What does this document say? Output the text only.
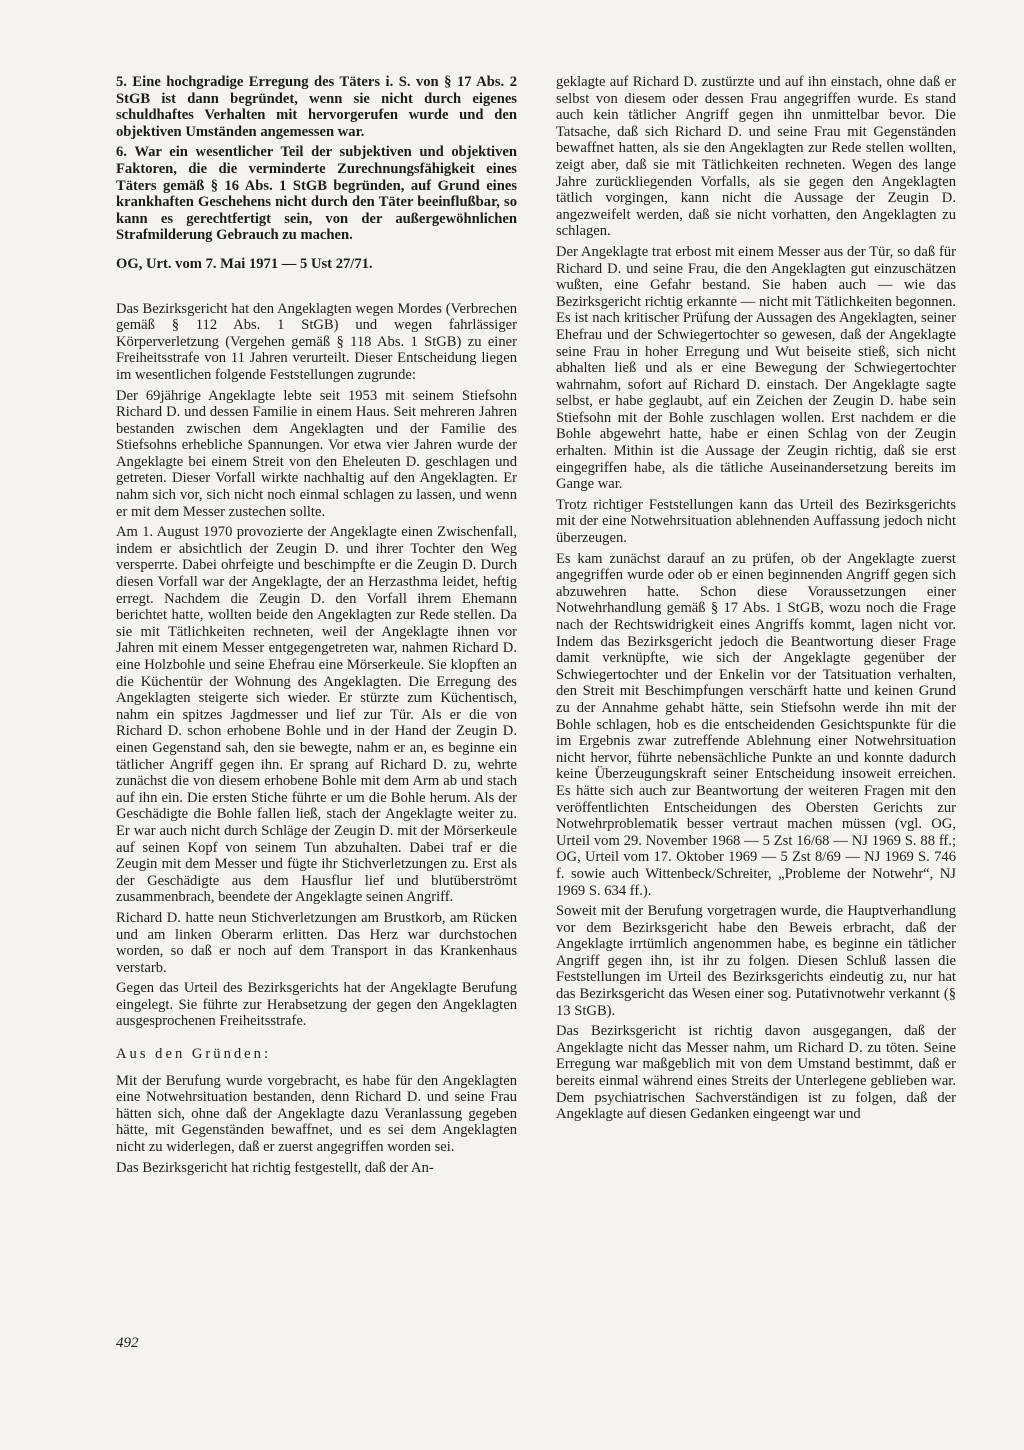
5. Eine hochgradige Erregung des Täters i. S. von § 17 Abs. 2 StGB ist dann begründet, wenn sie nicht durch eigenes schuldhaftes Verhalten mit hervorgerufen wurde und den objektiven Umständen angemessen war.

6. War ein wesentlicher Teil der subjektiven und objektiven Faktoren, die die verminderte Zurechnungsfähigkeit eines Täters gemäß § 16 Abs. 1 StGB begründen, auf Grund eines krankhaften Geschehens nicht durch den Täter beeinflußbar, so kann es gerechtfertigt sein, von der außergewöhnlichen Strafmilderung Gebrauch zu machen.

OG, Urt. vom 7. Mai 1971 — 5 Ust 27/71.

Das Bezirksgericht hat den Angeklagten wegen Mordes (Verbrechen gemäß § 112 Abs. 1 StGB) und wegen fahrlässiger Körperverletzung (Vergehen gemäß § 118 Abs. 1 StGB) zu einer Freiheitsstrafe von 11 Jahren verurteilt. Dieser Entscheidung liegen im wesentlichen folgende Feststellungen zugrunde:

Der 69jährige Angeklagte lebte seit 1953 mit seinem Stiefsohn Richard D. und dessen Familie in einem Haus. Seit mehreren Jahren bestanden zwischen dem Angeklagten und der Familie des Stiefsohns erhebliche Spannungen. Vor etwa vier Jahren wurde der Angeklagte bei einem Streit von den Eheleuten D. geschlagen und getreten. Dieser Vorfall wirkte nachhaltig auf den Angeklagten. Er nahm sich vor, sich nicht noch einmal schlagen zu lassen, und wenn er mit dem Messer zustechen sollte.

Am 1. August 1970 provozierte der Angeklagte einen Zwischenfall, indem er absichtlich der Zeugin D. und ihrer Tochter den Weg versperrte. Dabei ohrfeigte und beschimpfte er die Zeugin D. Durch diesen Vorfall war der Angeklagte, der an Herzasthma leidet, heftig erregt. Nachdem die Zeugin D. den Vorfall ihrem Ehemann berichtet hatte, wollten beide den Angeklagten zur Rede stellen. Da sie mit Tätlichkeiten rechneten, weil der Angeklagte ihnen vor Jahren mit einem Messer entgegengetreten war, nahmen Richard D. eine Holzbohle und seine Ehefrau eine Mörserkeule. Sie klopften an die Küchentür der Wohnung des Angeklagten. Die Erregung des Angeklagten steigerte sich wieder. Er stürzte zum Küchentisch, nahm ein spitzes Jagdmesser und lief zur Tür. Als er die von Richard D. schon erhobene Bohle und in der Hand der Zeugin D. einen Gegenstand sah, den sie bewegte, nahm er an, es beginne ein tätlicher Angriff gegen ihn. Er sprang auf Richard D. zu, wehrte zunächst die von diesem erhobene Bohle mit dem Arm ab und stach auf ihn ein. Die ersten Stiche führte er um die Bohle herum. Als der Geschädigte die Bohle fallen ließ, stach der Angeklagte weiter zu. Er war auch nicht durch Schläge der Zeugin D. mit der Mörserkeule auf seinen Kopf von seinem Tun abzuhalten. Dabei traf er die Zeugin mit dem Messer und fügte ihr Stichverletzungen zu. Erst als der Geschädigte aus dem Hausflur lief und blutüberströmt zusammenbrach, beendete der Angeklagte seinen Angriff.

Richard D. hatte neun Stichverletzungen am Brustkorb, am Rücken und am linken Oberarm erlitten. Das Herz war durchstochen worden, so daß er noch auf dem Transport in das Krankenhaus verstarb.

Gegen das Urteil des Bezirksgerichts hat der Angeklagte Berufung eingelegt. Sie führte zur Herabsetzung der gegen den Angeklagten ausgesprochenen Freiheitsstrafe.

Aus den Gründen:

Mit der Berufung wurde vorgebracht, es habe für den Angeklagten eine Notwehrsituation bestanden, denn Richard D. und seine Frau hätten sich, ohne daß der Angeklagte dazu Veranlassung gegeben hätte, mit Gegenständen bewaffnet, und es sei dem Angeklagten nicht zu widerlegen, daß er zuerst angegriffen worden sei.

Das Bezirksgericht hat richtig festgestellt, daß der An-

geklagte auf Richard D. zustürzte und auf ihn einstach, ohne daß er selbst von diesem oder dessen Frau angegriffen wurde. Es stand auch kein tätlicher Angriff gegen ihn unmittelbar bevor. Die Tatsache, daß sich Richard D. und seine Frau mit Gegenständen bewaffnet hatten, als sie den Angeklagten zur Rede stellen wollten, zeigt aber, daß sie mit Tätlichkeiten rechneten. Wegen des lange Jahre zurückliegenden Vorfalls, als sie gegen den Angeklagten tätlich vorgingen, kann nicht die Aussage der Zeugin D. angezweifelt werden, daß sie nicht vorhatten, den Angeklagten zu schlagen.

Der Angeklagte trat erbost mit einem Messer aus der Tür, so daß für Richard D. und seine Frau, die den Angeklagten gut einzuschätzen wußten, eine Gefahr bestand. Sie haben auch — wie das Bezirksgericht richtig erkannte — nicht mit Tätlichkeiten begonnen. Es ist nach kritischer Prüfung der Aussagen des Angeklagten, seiner Ehefrau und der Schwiegertochter so gewesen, daß der Angeklagte seine Frau in hoher Erregung und Wut beiseite stieß, sich nicht abhalten ließ und als er eine Bewegung der Schwiegertochter wahrnahm, sofort auf Richard D. einstach. Der Angeklagte sagte selbst, er habe geglaubt, auf ein Zeichen der Zeugin D. habe sein Stiefsohn mit der Bohle zuschlagen wollen. Erst nachdem er die Bohle abgewehrt hatte, habe er einen Schlag von der Zeugin erhalten. Mithin ist die Aussage der Zeugin richtig, daß sie erst eingegriffen habe, als die tätliche Auseinandersetzung bereits im Gange war.

Trotz richtiger Feststellungen kann das Urteil des Bezirksgerichts mit der eine Notwehrsituation ablehnenden Auffassung jedoch nicht überzeugen.

Es kam zunächst darauf an zu prüfen, ob der Angeklagte zuerst angegriffen wurde oder ob er einen beginnenden Angriff gegen sich abzuwehren hatte. Schon diese Voraussetzungen einer Notwehrhandlung gemäß § 17 Abs. 1 StGB, wozu noch die Frage nach der Rechtswidrigkeit eines Angriffs kommt, lagen nicht vor. Indem das Bezirksgericht jedoch die Beantwortung dieser Frage damit verknüpfte, wie sich der Angeklagte gegenüber der Schwiegertochter und der Enkelin vor der Tatsituation verhalten, den Streit mit Beschimpfungen verschärft hatte und keinen Grund zu der Annahme gehabt hätte, sein Stiefsohn werde ihn mit der Bohle schlagen, hob es die entscheidenden Gesichtspunkte für die im Ergebnis zwar zutreffende Ablehnung einer Notwehrsituation nicht hervor, führte nebensächliche Punkte an und konnte dadurch keine Überzeugungskraft seiner Entscheidung insoweit erreichen. Es hätte sich auch zur Beantwortung der weiteren Fragen mit den veröffentlichten Entscheidungen des Obersten Gerichts zur Notwehrproblematik besser vertraut machen müssen (vgl. OG, Urteil vom 29. November 1968 — 5 Zst 16/68 — NJ 1969 S. 88 ff.; OG, Urteil vom 17. Oktober 1969 — 5 Zst 8/69 — NJ 1969 S. 746 f. sowie auch Wittenbeck/Schreiter, „Probleme der Notwehr“, NJ 1969 S. 634 ff.).

Soweit mit der Berufung vorgetragen wurde, die Hauptverhandlung vor dem Bezirksgericht habe den Beweis erbracht, daß der Angeklagte irrtümlich angenommen habe, es beginne ein tätlicher Angriff gegen ihn, ist ihr zu folgen. Diesen Schluß lassen die Feststellungen im Urteil des Bezirksgerichts eindeutig zu, nur hat das Bezirksgericht das Wesen einer sog. Putativnotwehr verkannt (§ 13 StGB).

Das Bezirksgericht ist richtig davon ausgegangen, daß der Angeklagte nicht das Messer nahm, um Richard D. zu töten. Seine Erregung war maßgeblich mit von dem Umstand bestimmt, daß er bereits einmal während eines Streits der Unterlegene geblieben war. Dem psychiatrischen Sachverständigen ist zu folgen, daß der Angeklagte auf diesen Gedanken eingeengt war und

492
